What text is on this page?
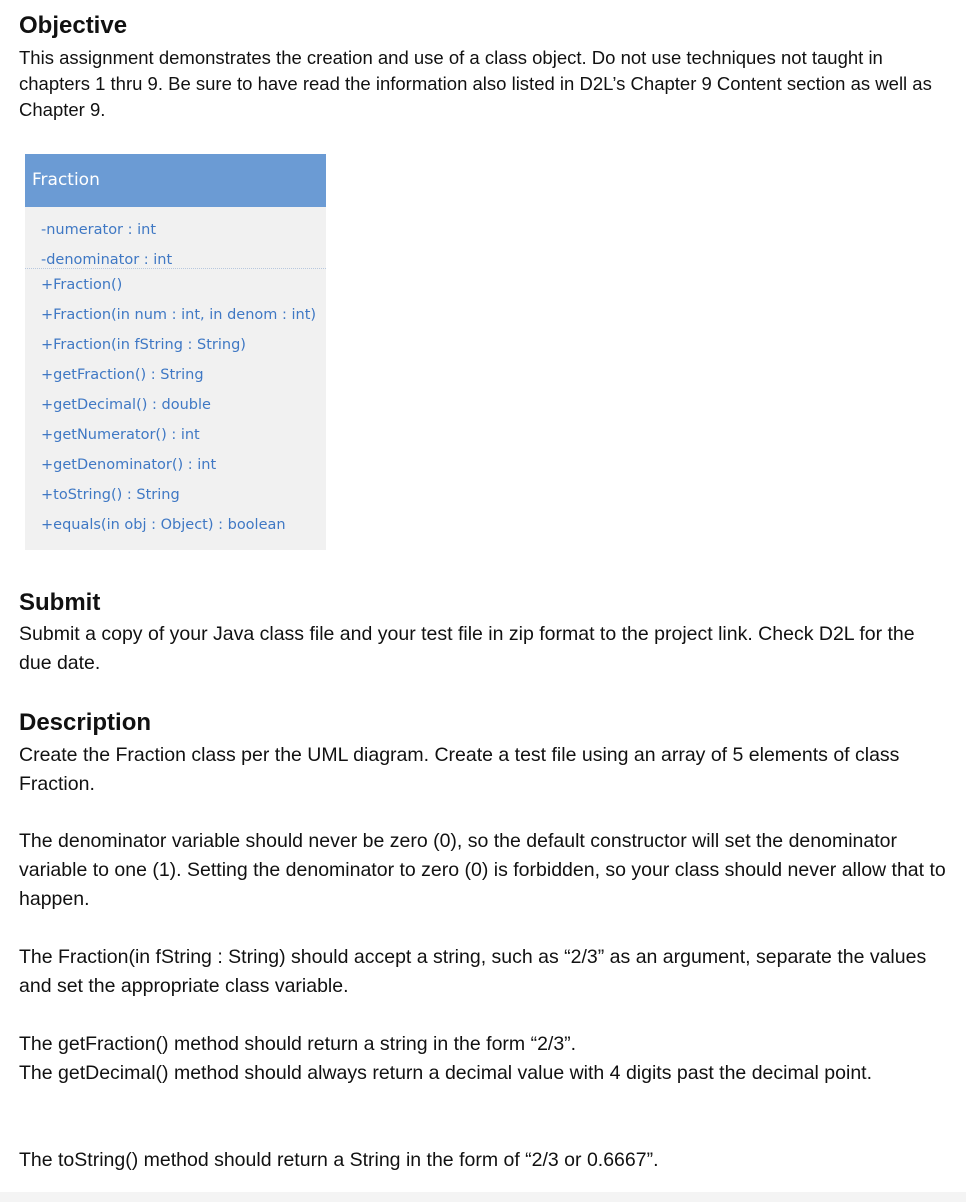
Objective

This assignment demonstrates the creation and use of a class object. Do not use techniques not taught in chapters 1 thru 9. Be sure to have read the information also listed in D2L’s Chapter 9 Content section as well as Chapter 9.

Fraction
-numerator : int
-denominator : int
+Fraction()
+Fraction(in num : int, in denom : int)
+Fraction(in fString : String)
+getFraction() : String
+getDecimal() : double
+getNumerator() : int
+getDenominator() : int
+toString() : String
+equals(in obj : Object) : boolean
Submit

Submit a copy of your Java class file and your test file in zip format to the project link. Check D2L for the due date.

Description

Create the Fraction class per the UML diagram. Create a test file using an array of 5 elements of class Fraction.

The denominator variable should never be zero (0), so the default constructor will set the denominator variable to one (1). Setting the denominator to zero (0) is forbidden, so your class should never allow that to happen.

The Fraction(in fString : String) should accept a string, such as “2/3” as an argument, separate the values and set the appropriate class variable.

The getFraction() method should return a string in the form “2/3”.

The getDecimal() method should always return a decimal value with 4 digits past the decimal point.

The toString() method should return a String in the form of “2/3 or 0.6667”.
